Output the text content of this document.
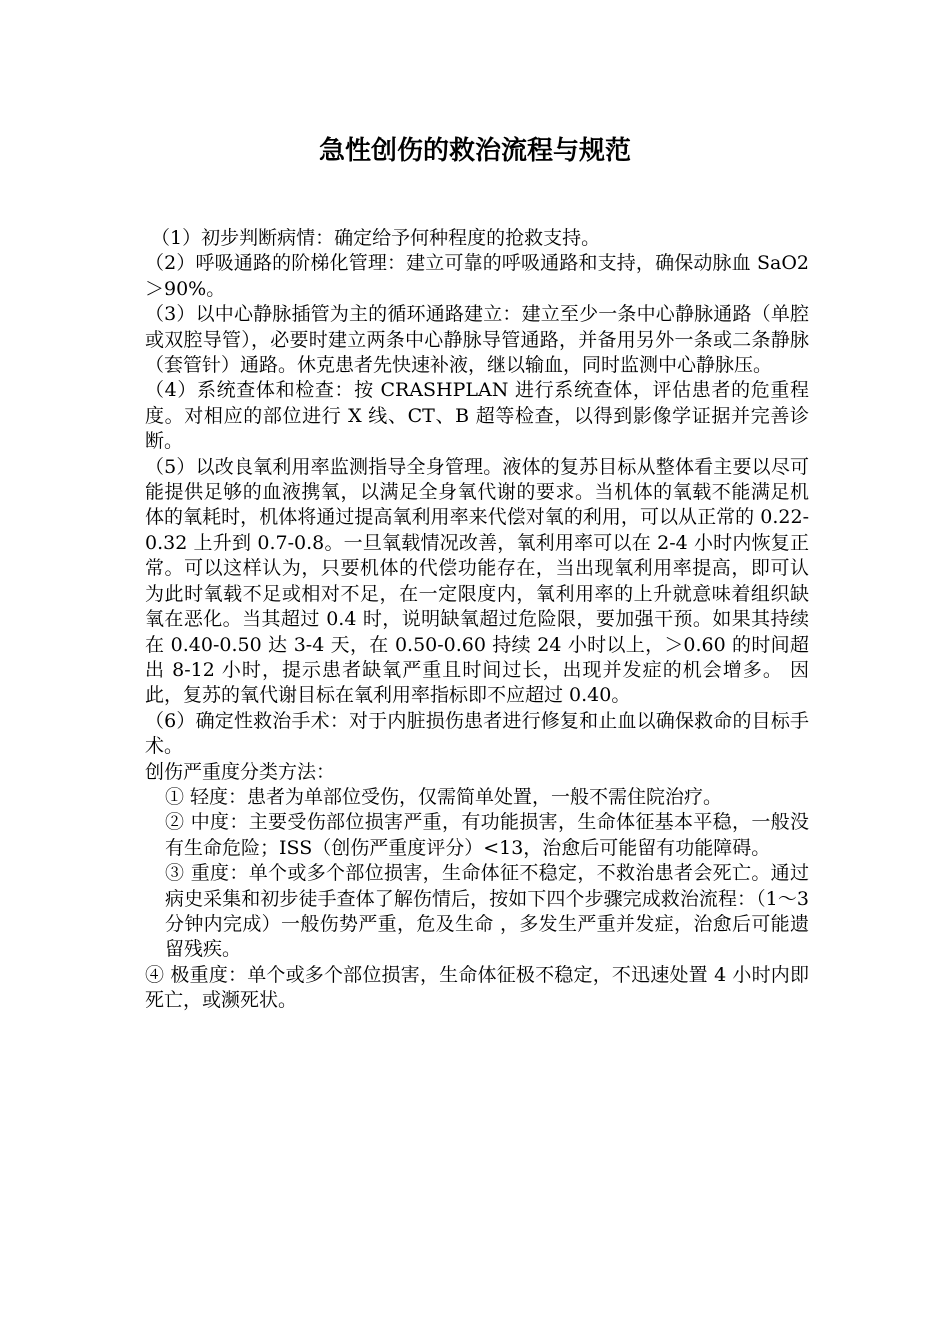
急性创伤的救治流程与规范

（1）初步判断病情：确定给予何种程度的抢救支持。

（2）呼吸通路的阶梯化管理：建立可靠的呼吸通路和支持，确保动脉血 SaO2＞90%。

（3）以中心静脉插管为主的循环通路建立：建立至少一条中心静脉通路（单腔或双腔导管），必要时建立两条中心静脉导管通路，并备用另外一条或二条静脉（套管针）通路。休克患者先快速补液，继以输血，同时监测中心静脉压。

（4）系统查体和检查：按 CRASHPLAN 进行系统查体，评估患者的危重程度。对相应的部位进行 X 线、CT、B 超等检查，以得到影像学证据并完善诊断。

（5）以改良氧利用率监测指导全身管理。液体的复苏目标从整体看主要以尽可能提供足够的血液携氧，以满足全身氧代谢的要求。当机体的氧载不能满足机体的氧耗时，机体将通过提高氧利用率来代偿对氧的利用，可以从正常的 0.22-0.32 上升到 0.7-0.8。一旦氧载情况改善，氧利用率可以在 2-4 小时内恢复正常。可以这样认为，只要机体的代偿功能存在，当出现氧利用率提高，即可认为此时氧载不足或相对不足，在一定限度内，氧利用率的上升就意味着组织缺氧在恶化。当其超过 0.4 时，说明缺氧超过危险限，要加强干预。如果其持续在 0.40-0.50 达 3-4 天，在 0.50-0.60 持续 24 小时以上，＞0.60 的时间超出 8-12 小时，提示患者缺氧严重且时间过长，出现并发症的机会增多。 因此，复苏的氧代谢目标在氧利用率指标即不应超过 0.40。

（6）确定性救治手术：对于内脏损伤患者进行修复和止血以确保救命的目标手术。

创伤严重度分类方法：

① 轻度：患者为单部位受伤，仅需简单处置，一般不需住院治疗。

② 中度：主要受伤部位损害严重，有功能损害，生命体征基本平稳，一般没有生命危险；ISS（创伤严重度评分）<13，治愈后可能留有功能障碍。

③ 重度：单个或多个部位损害，生命体征不稳定，不救治患者会死亡。通过病史采集和初步徒手查体了解伤情后，按如下四个步骤完成救治流程：（1～3 分钟内完成）一般伤势严重，危及生命 ，多发生严重并发症，治愈后可能遗留残疾。

④ 极重度：单个或多个部位损害，生命体征极不稳定，不迅速处置 4 小时内即死亡，或濒死状。
